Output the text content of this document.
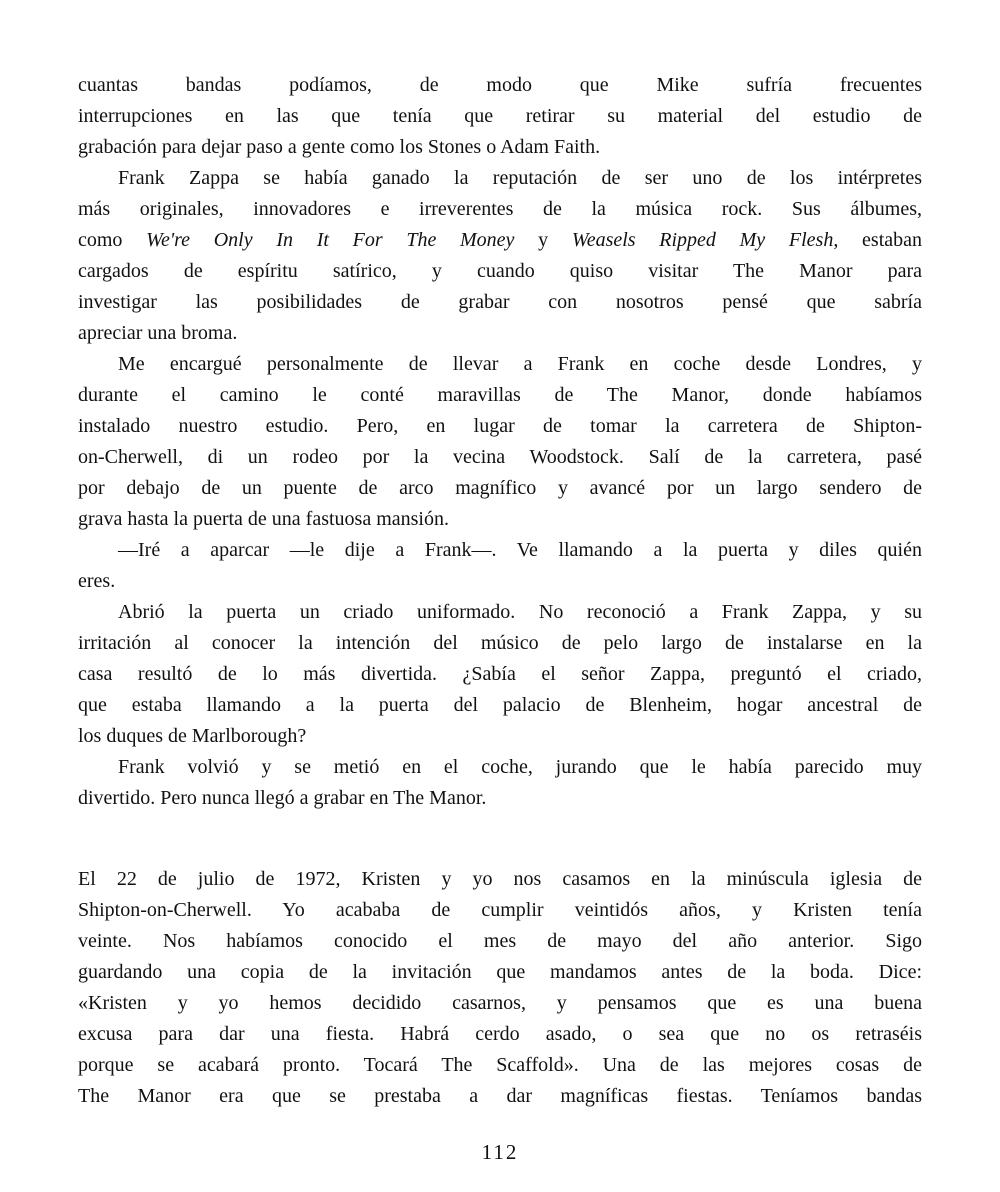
cuantas bandas podíamos, de modo que Mike sufría frecuentes
interrupciones en las que tenía que retirar su material del estudio de
grabación para dejar paso a gente como los Stones o Adam Faith.
Frank Zappa se había ganado la reputación de ser uno de los intérpretes
más originales, innovadores e irreverentes de la música rock. Sus álbumes,
como We're Only In It For The Money y Weasels Ripped My Flesh, estaban
cargados de espíritu satírico, y cuando quiso visitar The Manor para
investigar las posibilidades de grabar con nosotros pensé que sabría
apreciar una broma.
Me encargué personalmente de llevar a Frank en coche desde Londres, y
durante el camino le conté maravillas de The Manor, donde habíamos
instalado nuestro estudio. Pero, en lugar de tomar la carretera de Shipton-
on-Cherwell, di un rodeo por la vecina Woodstock. Salí de la carretera, pasé
por debajo de un puente de arco magnífico y avancé por un largo sendero de
grava hasta la puerta de una fastuosa mansión.
—Iré a aparcar —le dije a Frank—. Ve llamando a la puerta y diles quién
eres.
Abrió la puerta un criado uniformado. No reconoció a Frank Zappa, y su
irritación al conocer la intención del músico de pelo largo de instalarse en la
casa resultó de lo más divertida. ¿Sabía el señor Zappa, preguntó el criado,
que estaba llamando a la puerta del palacio de Blenheim, hogar ancestral de
los duques de Marlborough?
Frank volvió y se metió en el coche, jurando que le había parecido muy
divertido. Pero nunca llegó a grabar en The Manor.
El 22 de julio de 1972, Kristen y yo nos casamos en la minúscula iglesia de
Shipton-on-Cherwell. Yo acababa de cumplir veintidós años, y Kristen tenía
veinte. Nos habíamos conocido el mes de mayo del año anterior. Sigo
guardando una copia de la invitación que mandamos antes de la boda. Dice:
«Kristen y yo hemos decidido casarnos, y pensamos que es una buena
excusa para dar una fiesta. Habrá cerdo asado, o sea que no os retraséis
porque se acabará pronto. Tocará The Scaffold». Una de las mejores cosas de
The Manor era que se prestaba a dar magníficas fiestas. Teníamos bandas
112
